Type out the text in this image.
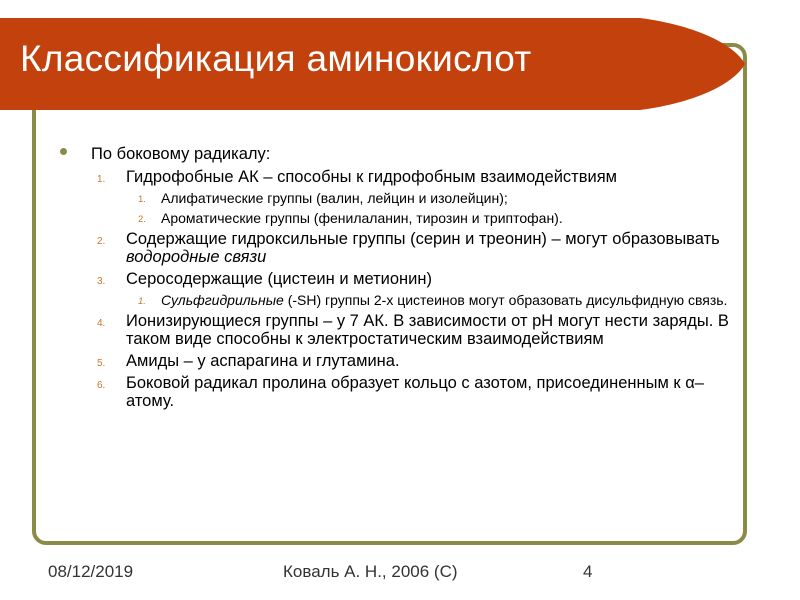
Классификация аминокислот
По боковому радикалу:
1. Гидрофобные АК – способны к гидрофобным взаимодействиям
1. Алифатические группы (валин, лейцин и изолейцин);
2. Ароматические группы (фенилаланин, тирозин и триптофан).
2. Содержащие гидроксильные группы (серин и треонин) – могут образовывать водородные связи
3. Серосодержащие (цистеин и метионин)
1. Сульфгидрильные (-SH) группы 2-х цистеинов могут образовать дисульфидную связь.
4. Ионизирующиеся группы – у 7 АК. В зависимости от pH могут нести заряды. В таком виде способны к электростатическим взаимодействиям
5. Амиды – у аспарагина и глутамина.
6. Боковой радикал пролина образует кольцо с азотом, присоединенным к α–атому.
08/12/2019	Коваль А. Н., 2006 (С)	4
